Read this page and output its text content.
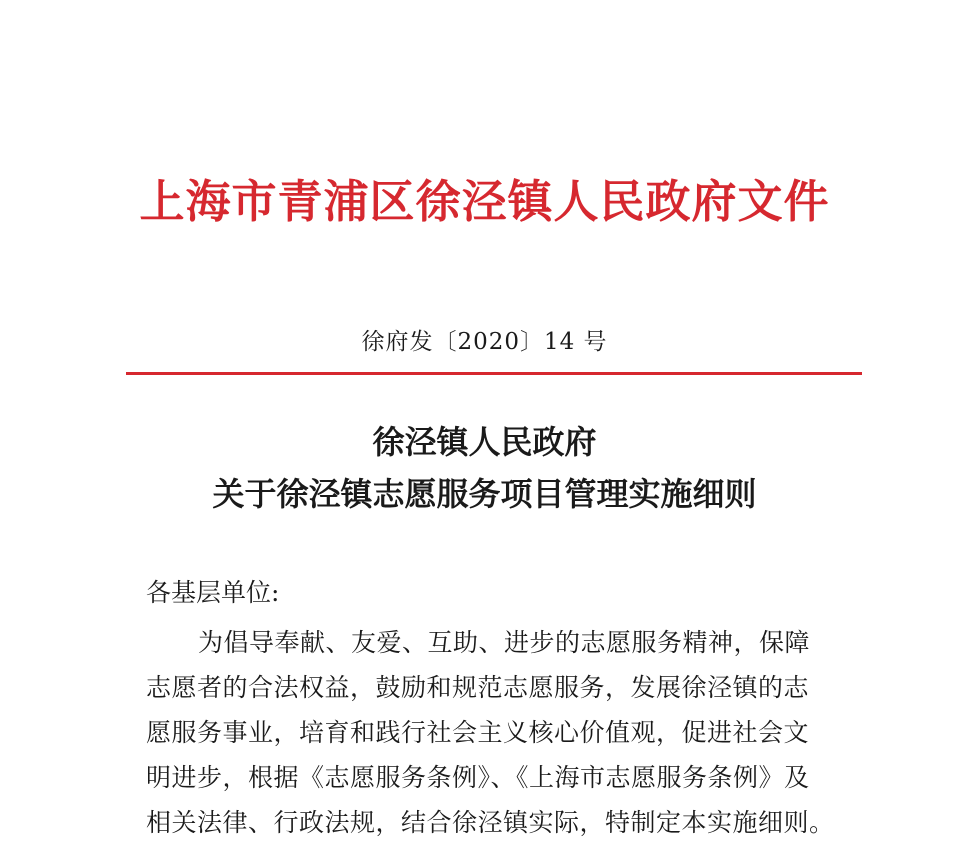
上海市青浦区徐泾镇人民政府文件
徐府发〔2020〕14 号
徐泾镇人民政府
关于徐泾镇志愿服务项目管理实施细则
各基层单位:
为倡导奉献、友爱、互助、进步的志愿服务精神，保障
志愿者的合法权益，鼓励和规范志愿服务，发展徐泾镇的志
愿服务事业，培育和践行社会主义核心价值观，促进社会文
明进步，根据《志愿服务条例》、《上海市志愿服务条例》及
相关法律、行政法规，结合徐泾镇实际，特制定本实施细则。
